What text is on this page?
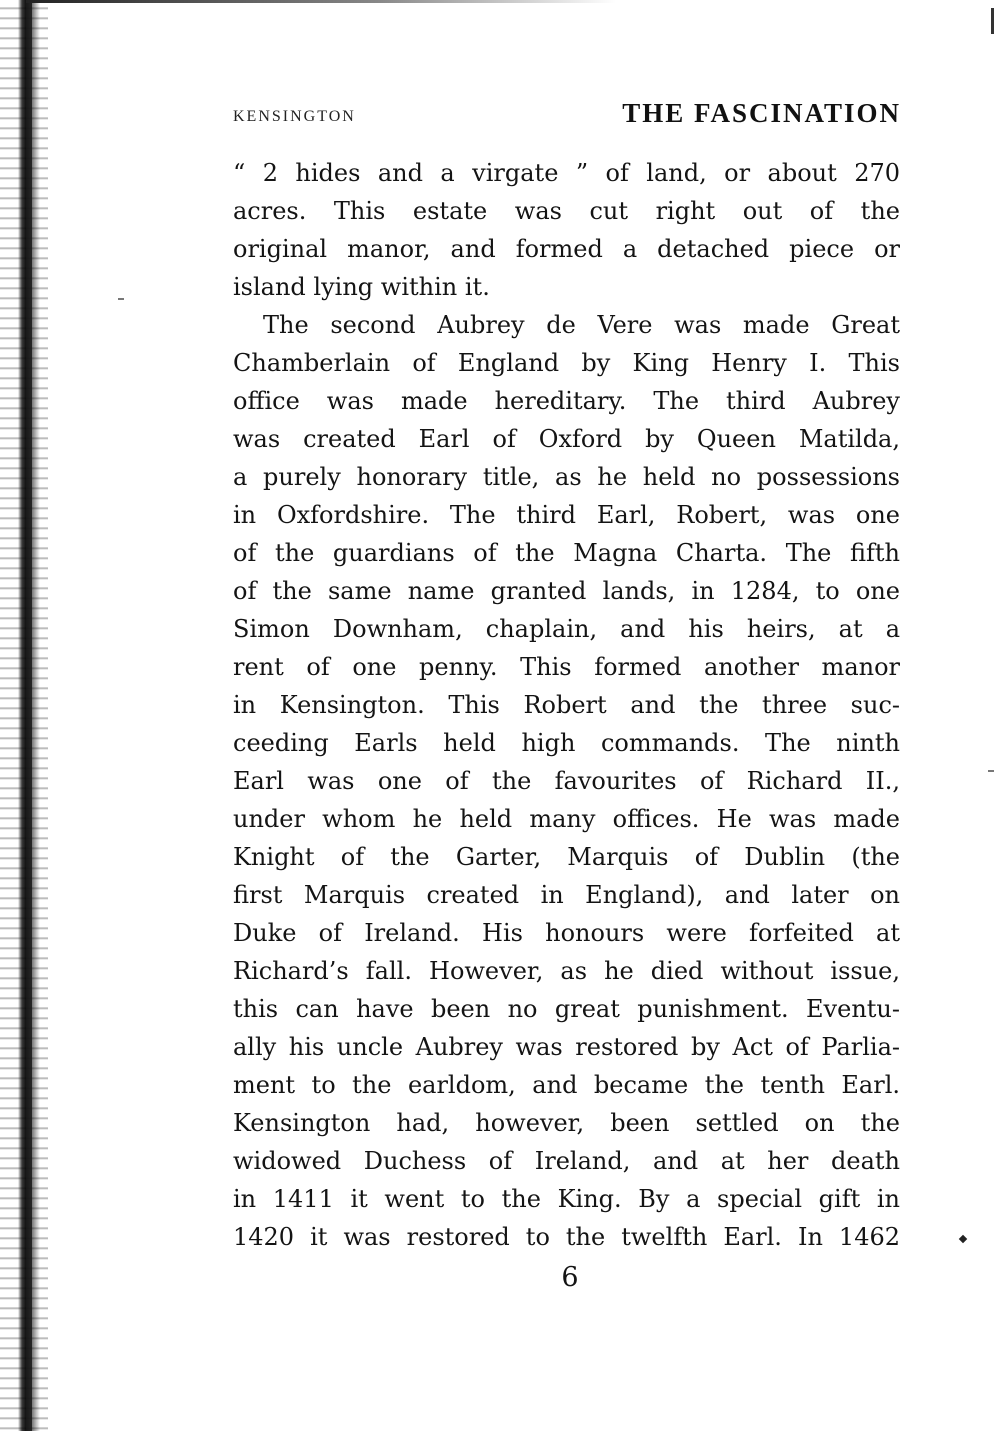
KENSINGTON	THE FASCINATION
“ 2 hides and a virgate ” of land, or about 270
acres. This estate was cut right out of the
original manor, and formed a detached piece or
island lying within it.
The second Aubrey de Vere was made Great
Chamberlain of England by King Henry I. This
office was made hereditary. The third Aubrey
was created Earl of Oxford by Queen Matilda,
a purely honorary title, as he held no possessions
in Oxfordshire. The third Earl, Robert, was one
of the guardians of the Magna Charta. The fifth
of the same name granted lands, in 1284, to one
Simon Downham, chaplain, and his heirs, at a
rent of one penny. This formed another manor
in Kensington. This Robert and the three suc-
ceeding Earls held high commands. The ninth
Earl was one of the favourites of Richard II.,
under whom he held many offices. He was made
Knight of the Garter, Marquis of Dublin (the
first Marquis created in England), and later on
Duke of Ireland. His honours were forfeited at
Richard’s fall. However, as he died without issue,
this can have been no great punishment. Eventu-
ally his uncle Aubrey was restored by Act of Parlia-
ment to the earldom, and became the tenth Earl.
Kensington had, however, been settled on the
widowed Duchess of Ireland, and at her death
in 1411 it went to the King. By a special gift in
1420 it was restored to the twelfth Earl. In 1462
6
